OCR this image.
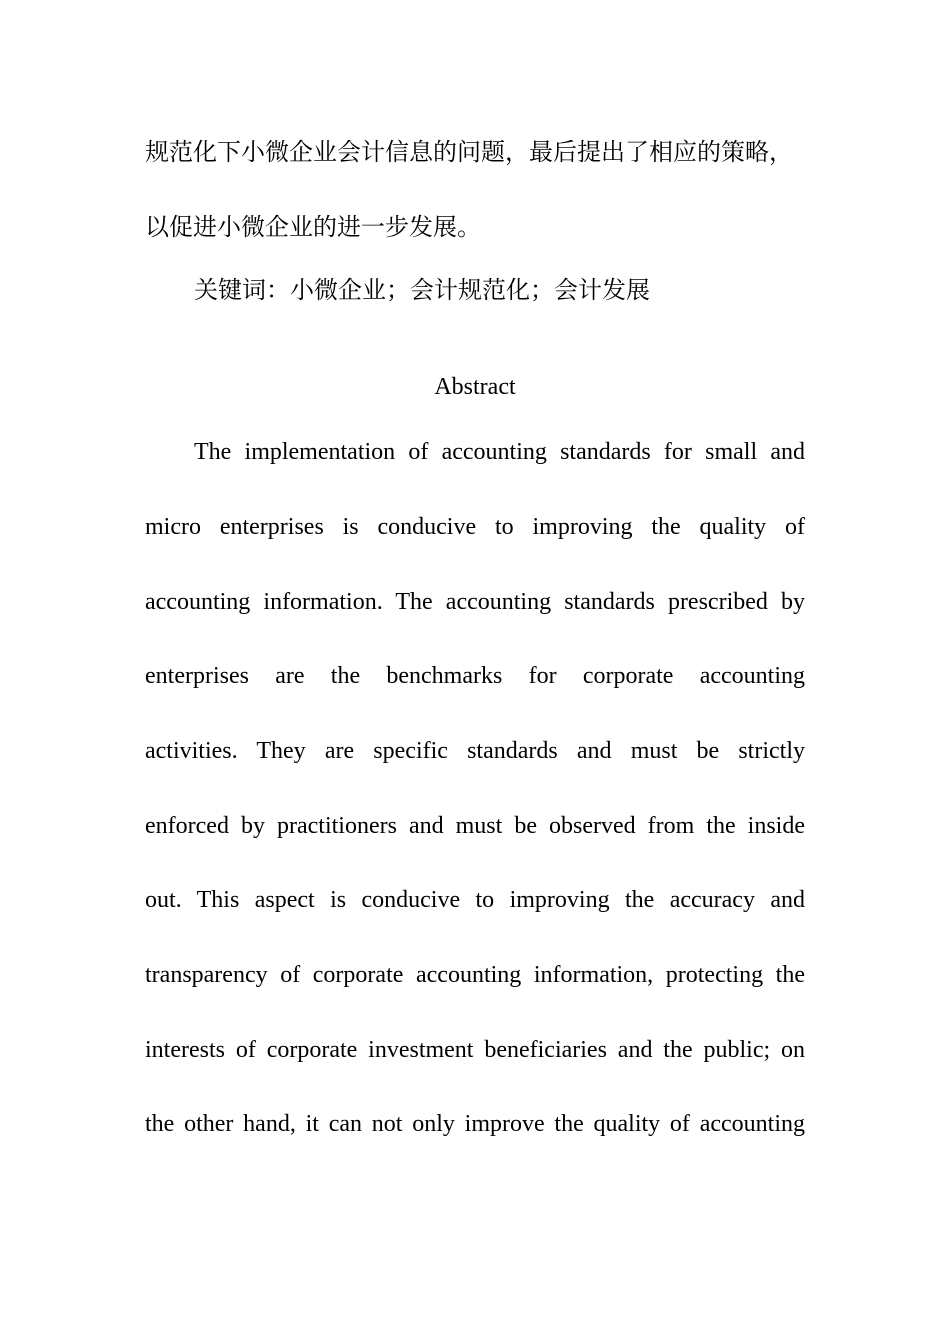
规范化下小微企业会计信息的问题，最后提出了相应的策略，
以促进小微企业的进一步发展。
关键词：小微企业；会计规范化；会计发展
Abstract
The implementation of accounting standards for small and
micro enterprises is conducive to improving the quality of
accounting information. The accounting standards prescribed by
enterprises are the benchmarks for corporate accounting
activities. They are specific standards and must be strictly
enforced by practitioners and must be observed from the inside
out. This aspect is conducive to improving the accuracy and
transparency of corporate accounting information, protecting the
interests of corporate investment beneficiaries and the public; on
the other hand, it can not only improve the quality of accounting
